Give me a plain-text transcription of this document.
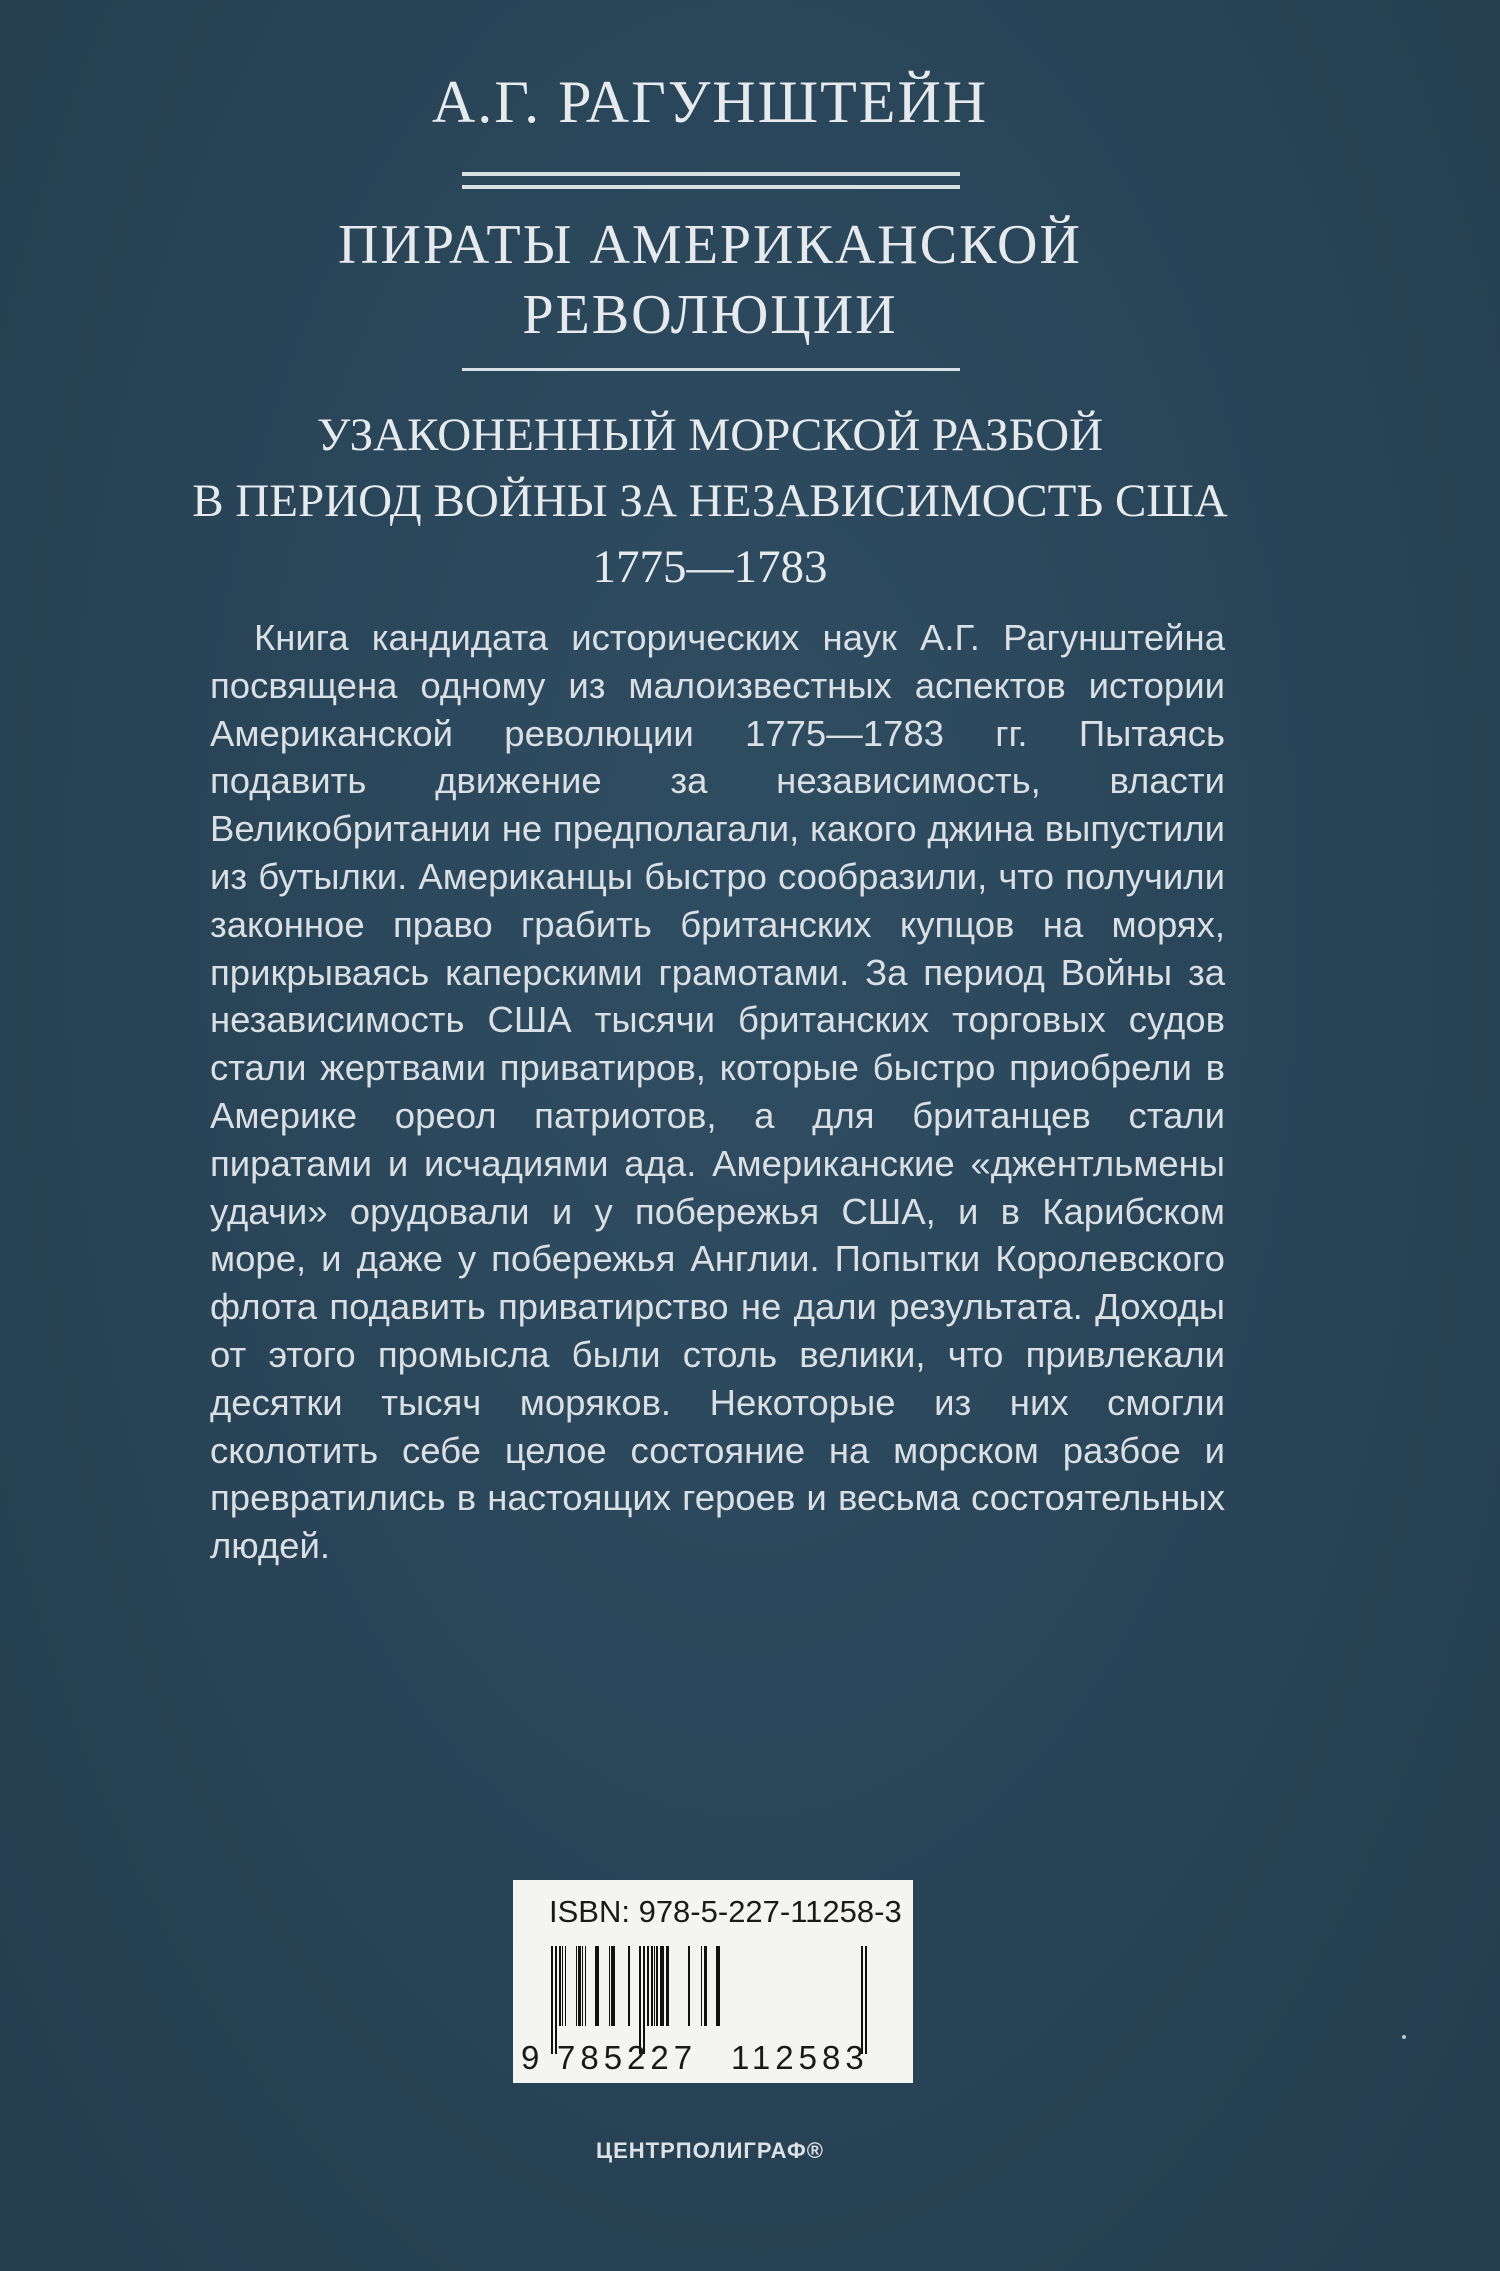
А.Г. РАГУНШТЕЙН
ПИРАТЫ АМЕРИКАНСКОЙ
РЕВОЛЮЦИИ
УЗАКОНЕННЫЙ МОРСКОЙ РАЗБОЙ
В ПЕРИОД ВОЙНЫ ЗА НЕЗАВИСИМОСТЬ США
1775—1783
Книга кандидата исторических наук А.Г. Рагунштейна посвящена одному из малоизвестных аспектов истории Американской революции 1775—1783 гг. Пытаясь подавить движение за независимость, власти Великобритании не предполагали, какого джина выпустили из бутылки. Американцы быстро сообразили, что получили законное право грабить британских купцов на морях, прикрываясь каперскими грамотами. За период Войны за независимость США тысячи британских торговых судов стали жертвами приватиров, которые быстро приобрели в Америке ореол патриотов, а для британцев стали пиратами и исчадиями ада. Американские «джентльмены удачи» орудовали и у побережья США, и в Карибском море, и даже у побережья Англии. Попытки Королевского флота подавить приватирство не дали результата. Доходы от этого промысла были столь велики, что привлекали десятки тысяч моряков. Некоторые из них смогли сколотить себе целое состояние на морском разбое и превратились в настоящих героев и весьма состоятельных людей.
ISBN: 978-5-227-11258-3
9 785227 112583
ЦЕНТРПОЛИГРАФ®
